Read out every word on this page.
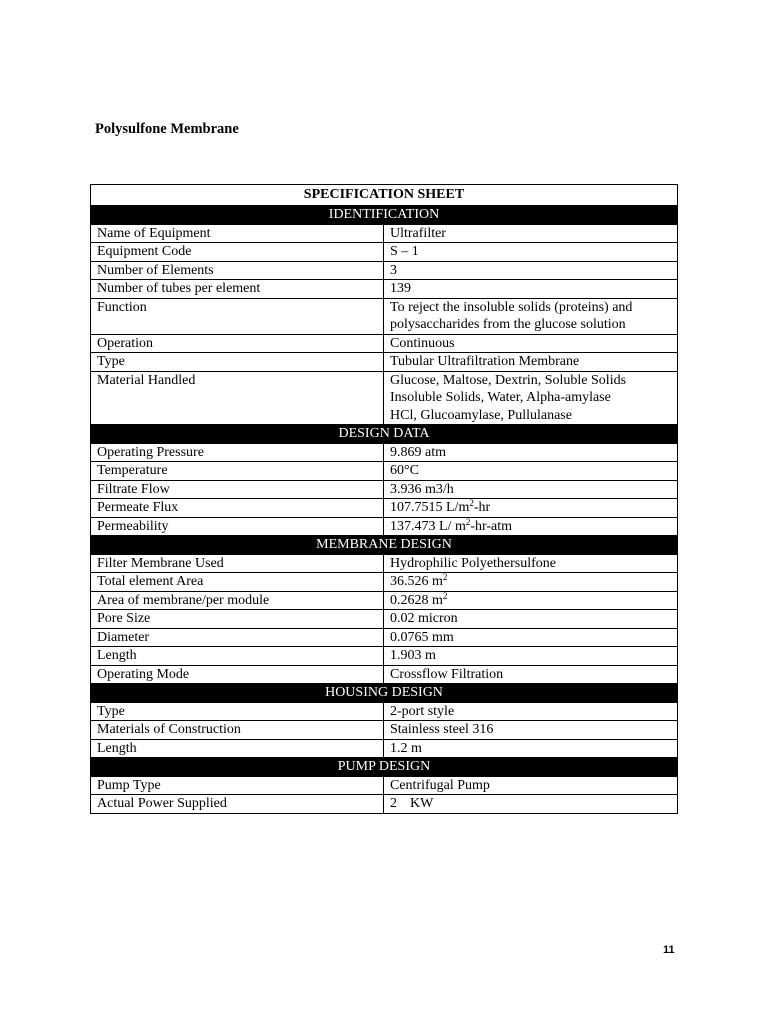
Polysulfone Membrane
SPECIFICATION SHEET	
IDENTIFICATION	
Name of Equipment	Ultrafilter
Equipment Code	S – 1
Number of Elements	3
Number of tubes per element	139
Function	To reject the insoluble solids (proteins) and polysaccharides from the glucose solution
Operation	Continuous
Type	Tubular Ultrafiltration Membrane
Material Handled	Glucose, Maltose, Dextrin, Soluble Solids
Insoluble Solids, Water, Alpha-amylase
HCl, Glucoamylase, Pullulanase
DESIGN DATA	
Operating Pressure	9.869 atm
Temperature	60°C
Filtrate Flow	3.936 m3/h
Permeate Flux	107.7515 $L/m^2-hr$
Permeability	137.473 L/ $m^2-hr$-atm
MEMBRANE DESIGN	
Filter Membrane Used	Hydrophilic Polyethersulfone
Total element Area	36.526 $m^2$
Area of membrane/per module	0.2628 $m^2$
Pore Size	0.02 micron
Diameter	0.0765 mm
Length	1.903 m
Operating Mode	Crossflow Filtration
HOUSING DESIGN	
Type	2-port style
Materials of Construction	Stainless steel 316
Length	1.2 m
PUMP DESIGN	
Pump Type	Centrifugal Pump
Actual Power Supplied	2 KW
11
